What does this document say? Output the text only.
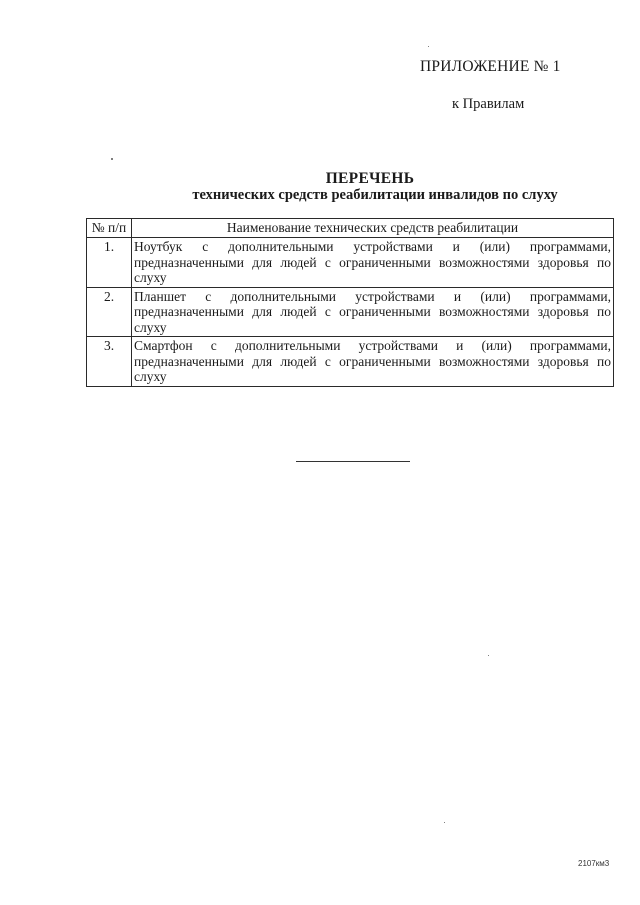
ПРИЛОЖЕНИЕ № 1
к Правилам
ПЕРЕЧЕНЬ
технических средств реабилитации инвалидов по слуху
№ п/п	Наименование технических средств реабилитации
1.	Ноутбук с дополнительными устройствами и (или) программами, предназначенными для людей с ограниченными возможностями здоровья по слуху
2.	Планшет с дополнительными устройствами и (или) программами, предназначенными для людей с ограниченными возможностями здоровья по слуху
3.	Смартфон с дополнительными устройствами и (или) программами, предназначенными для людей с ограниченными возможностями здоровья по слуху
2107км3
